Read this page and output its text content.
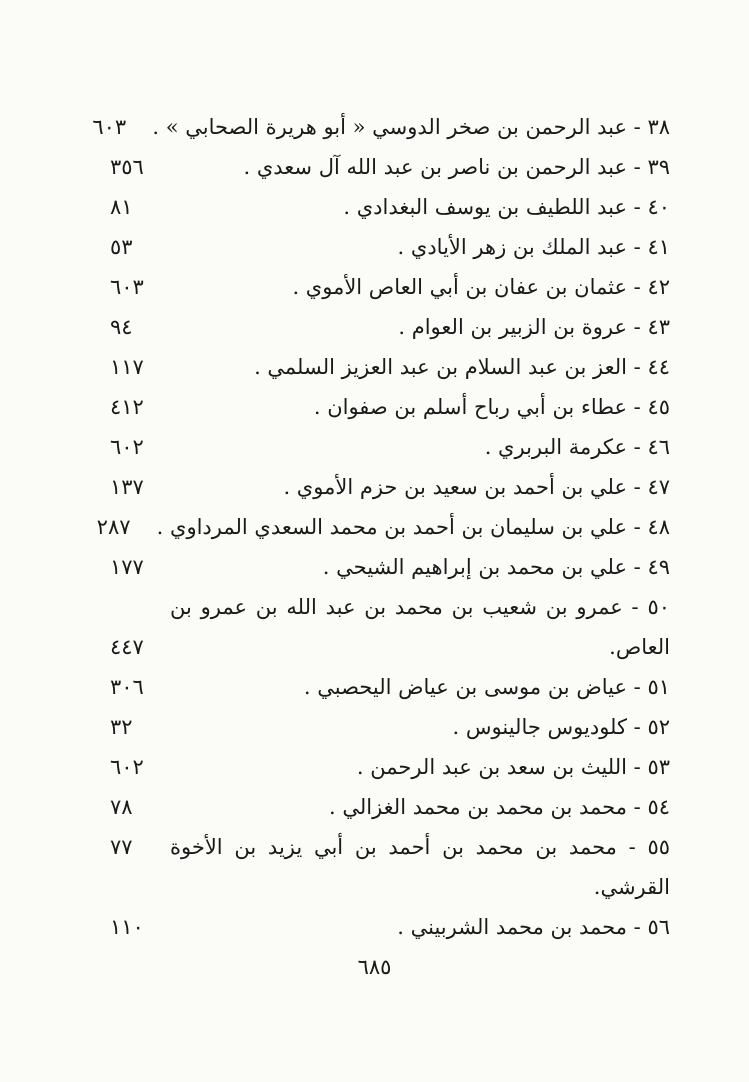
٣٨ - عبد الرحمن بن صخر الدوسي « أبو هريرة الصحابي » .
٦٠٣
٣٩ - عبد الرحمن بن ناصر بن عبد الله آل سعدي .
٣٥٦
٤٠ - عبد اللطيف بن يوسف البغدادي .
٨١
٤١ - عبد الملك بن زهر الأيادي .
٥٣
٤٢ - عثمان بن عفان بن أبي العاص الأموي .
٦٠٣
٤٣ - عروة بن الزبير بن العوام .
٩٤
٤٤ - العز بن عبد السلام بن عبد العزيز السلمي .
١١٧
٤٥ - عطاء بن أبي رباح أسلم بن صفوان .
٤١٢
٤٦ - عكرمة البربري .
٦٠٢
٤٧ - علي بن أحمد بن سعيد بن حزم الأموي .
١٣٧
٤٨ - علي بن سليمان بن أحمد بن محمد السعدي المرداوي .
٢٨٧
٤٩ - علي بن محمد بن إبراهيم الشيحي .
١٧٧
٥٠ - عمرو بن شعيب بن محمد بن عبد الله بن عمرو بن العاص.
٤٤٧
٥١ - عياض بن موسى بن عياض اليحصبي .
٣٠٦
٥٢ - كلوديوس جالينوس .
٣٢
٥٣ - الليث بن سعد بن عبد الرحمن .
٦٠٢
٥٤ - محمد بن محمد بن محمد الغزالي .
٧٨
٥٥ - محمد بن محمد بن أحمد بن أبي يزيد بن الأخوة القرشي.
٧٧
٥٦ - محمد بن محمد الشربيني .
١١٠
٦٨٥
